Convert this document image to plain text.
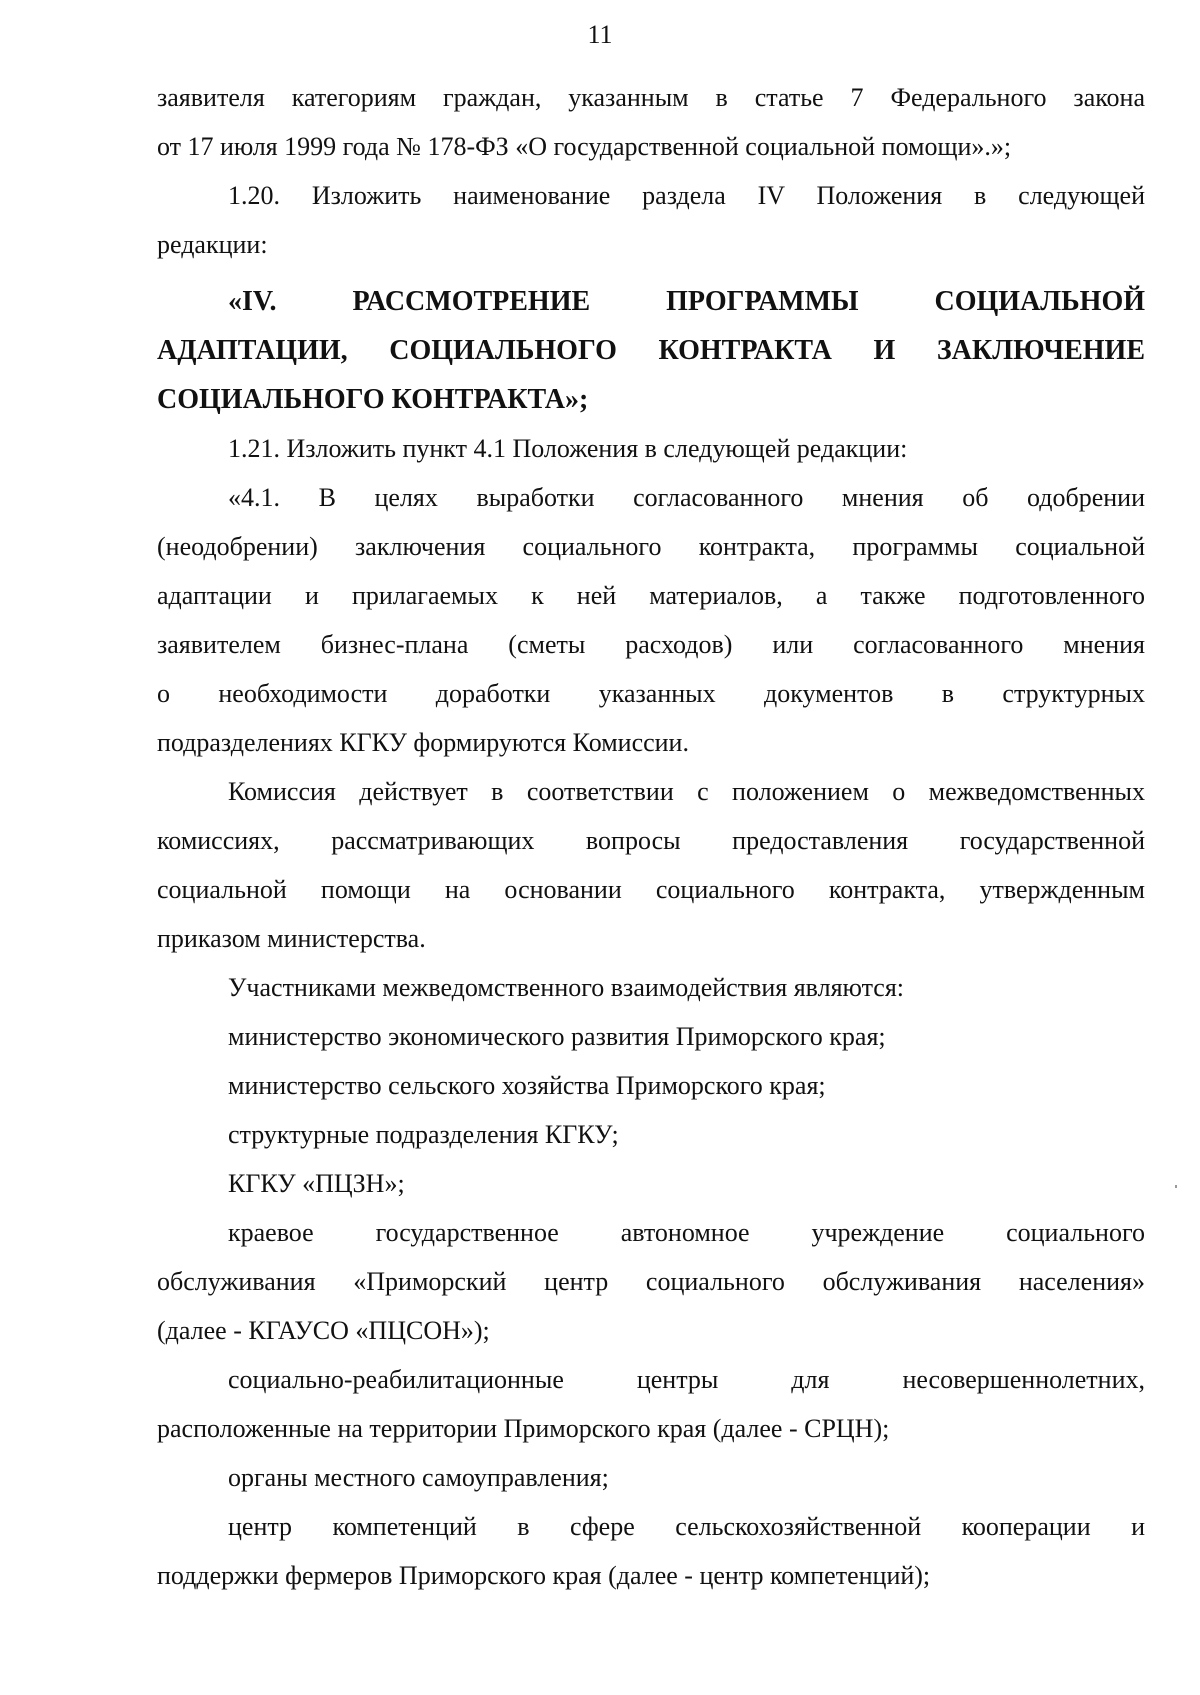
11
заявителя категориям граждан, указанным в статье 7 Федерального закона
от 17 июля 1999 года № 178-ФЗ «О государственной социальной помощи».»;
1.20. Изложить наименование раздела IV Положения в следующей
редакции:
«IV. РАССМОТРЕНИЕ ПРОГРАММЫ СОЦИАЛЬНОЙ
АДАПТАЦИИ, СОЦИАЛЬНОГО КОНТРАКТА И ЗАКЛЮЧЕНИЕ
СОЦИАЛЬНОГО КОНТРАКТА»;
1.21. Изложить пункт 4.1 Положения в следующей редакции:
«4.1. В целях выработки согласованного мнения об одобрении
(неодобрении) заключения социального контракта, программы социальной
адаптации и прилагаемых к ней материалов, а также подготовленного
заявителем бизнес-плана (сметы расходов) или согласованного мнения
о необходимости доработки указанных документов в структурных
подразделениях КГКУ формируются Комиссии.
Комиссия действует в соответствии с положением о межведомственных
комиссиях, рассматривающих вопросы предоставления государственной
социальной помощи на основании социального контракта, утвержденным
приказом министерства.
Участниками межведомственного взаимодействия являются:
министерство экономического развития Приморского края;
министерство сельского хозяйства Приморского края;
структурные подразделения КГКУ;
КГКУ «ПЦЗН»;
краевое государственное автономное учреждение социального
обслуживания «Приморский центр социального обслуживания населения»
(далее - КГАУСО «ПЦСОН»);
социально-реабилитационные центры для несовершеннолетних,
расположенные на территории Приморского края (далее - СРЦН);
органы местного самоуправления;
центр компетенций в сфере сельскохозяйственной кооперации и
поддержки фермеров Приморского края (далее - центр компетенций);
